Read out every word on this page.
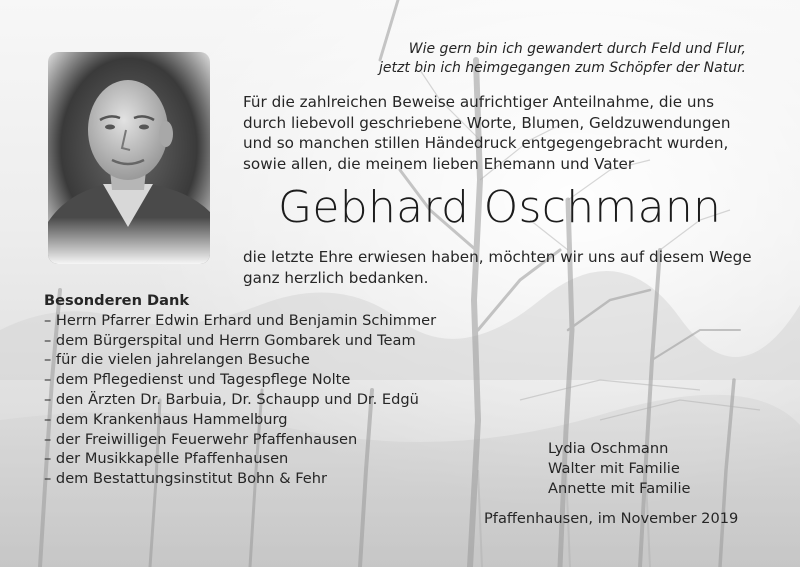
Wie gern bin ich gewandert durch Feld und Flur,
jetzt bin ich heimgegangen zum Schöpfer der Natur.
Für die zahlreichen Beweise aufrichtiger Anteilnahme, die uns
durch liebevoll geschriebene Worte, Blumen, Geldzuwendungen
und so manchen stillen Händedruck entgegengebracht wurden,
sowie allen, die meinem lieben Ehemann und Vater
Gebhard Oschmann
die letzte Ehre erwiesen haben, möchten wir uns auf diesem Wege
ganz herzlich bedanken.
Besonderen Dank
– Herrn Pfarrer Edwin Erhard und Benjamin Schimmer
– dem Bürgerspital und Herrn Gombarek und Team
– für die vielen jahrelangen Besuche
– dem Pflegedienst und Tagespflege Nolte
– den Ärzten Dr. Barbuia, Dr. Schaupp und Dr. Edgü
– dem Krankenhaus Hammelburg
– der Freiwilligen Feuerwehr Pfaffenhausen
– der Musikkapelle Pfaffenhausen
– dem Bestattungsinstitut Bohn & Fehr
Lydia Oschmann
Walter mit Familie
Annette mit Familie
Pfaffenhausen, im November 2019
